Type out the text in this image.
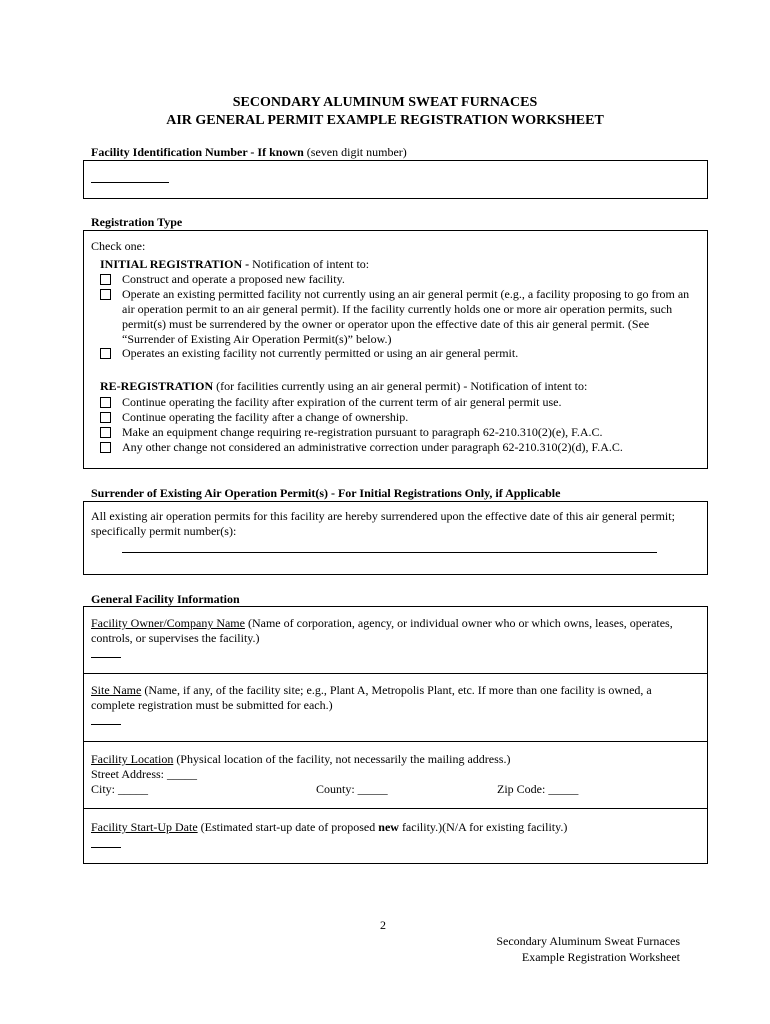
SECONDARY ALUMINUM SWEAT FURNACES
AIR GENERAL PERMIT EXAMPLE REGISTRATION WORKSHEET
Facility Identification Number - If known (seven digit number)
Registration Type
Check one:
INITIAL REGISTRATION - Notification of intent to:
Construct and operate a proposed new facility.
Operate an existing permitted facility not currently using an air general permit (e.g., a facility proposing to go from an air operation permit to an air general permit). If the facility currently holds one or more air operation permits, such permit(s) must be surrendered by the owner or operator upon the effective date of this air general permit. (See “Surrender of Existing Air Operation Permit(s)” below.)
Operates an existing facility not currently permitted or using an air general permit.
RE-REGISTRATION (for facilities currently using an air general permit) - Notification of intent to:
Continue operating the facility after expiration of the current term of air general permit use.
Continue operating the facility after a change of ownership.
Make an equipment change requiring re-registration pursuant to paragraph 62-210.310(2)(e), F.A.C.
Any other change not considered an administrative correction under paragraph 62-210.310(2)(d), F.A.C.
Surrender of Existing Air Operation Permit(s) - For Initial Registrations Only, if Applicable
All existing air operation permits for this facility are hereby surrendered upon the effective date of this air general permit; specifically permit number(s):
General Facility Information
Facility Owner/Company Name (Name of corporation, agency, or individual owner who or which owns, leases, operates, controls, or supervises the facility.)
Site Name (Name, if any, of the facility site; e.g., Plant A, Metropolis Plant, etc. If more than one facility is owned, a complete registration must be submitted for each.)
Facility Location (Physical location of the facility, not necessarily the mailing address.)
Street Address: _____
City: _____	County: _____	Zip Code: _____
Facility Start-Up Date (Estimated start-up date of proposed new facility.)(N/A for existing facility.)
2
Secondary Aluminum Sweat Furnaces
Example Registration Worksheet
